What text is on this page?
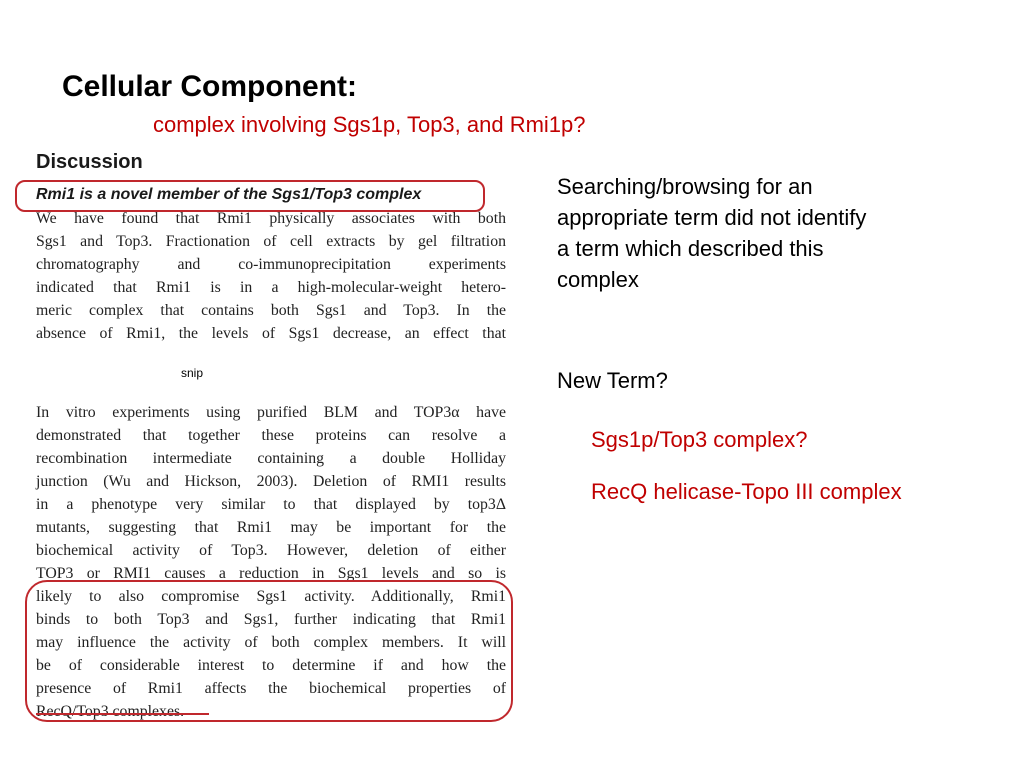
Cellular Component:
complex involving Sgs1p, Top3, and Rmi1p?
Discussion
Rmi1 is a novel member of the Sgs1/Top3 complex
We have found that Rmi1 physically associates with both
Sgs1 and Top3. Fractionation of cell extracts by gel filtration
chromatography and co-immunoprecipitation experiments
indicated that Rmi1 is in a high-molecular-weight hetero-
meric complex that contains both Sgs1 and Top3. In the
absence of Rmi1, the levels of Sgs1 decrease, an effect that
snip
In vitro experiments using purified BLM and TOP3α have
demonstrated that together these proteins can resolve a
recombination intermediate containing a double Holliday
junction (Wu and Hickson, 2003). Deletion of RMI1 results
in a phenotype very similar to that displayed by top3Δ
mutants, suggesting that Rmi1 may be important for the
biochemical activity of Top3. However, deletion of either
TOP3 or RMI1 causes a reduction in Sgs1 levels and so is
likely to also compromise Sgs1 activity. Additionally, Rmi1
binds to both Top3 and Sgs1, further indicating that Rmi1
may influence the activity of both complex members. It will
be of considerable interest to determine if and how the
presence of Rmi1 affects the biochemical properties of
RecQ/Top3 complexes.
Searching/browsing for an
appropriate term did not identify
a term which described this
complex
New Term?
Sgs1p/Top3 complex?
RecQ helicase-Topo III complex
